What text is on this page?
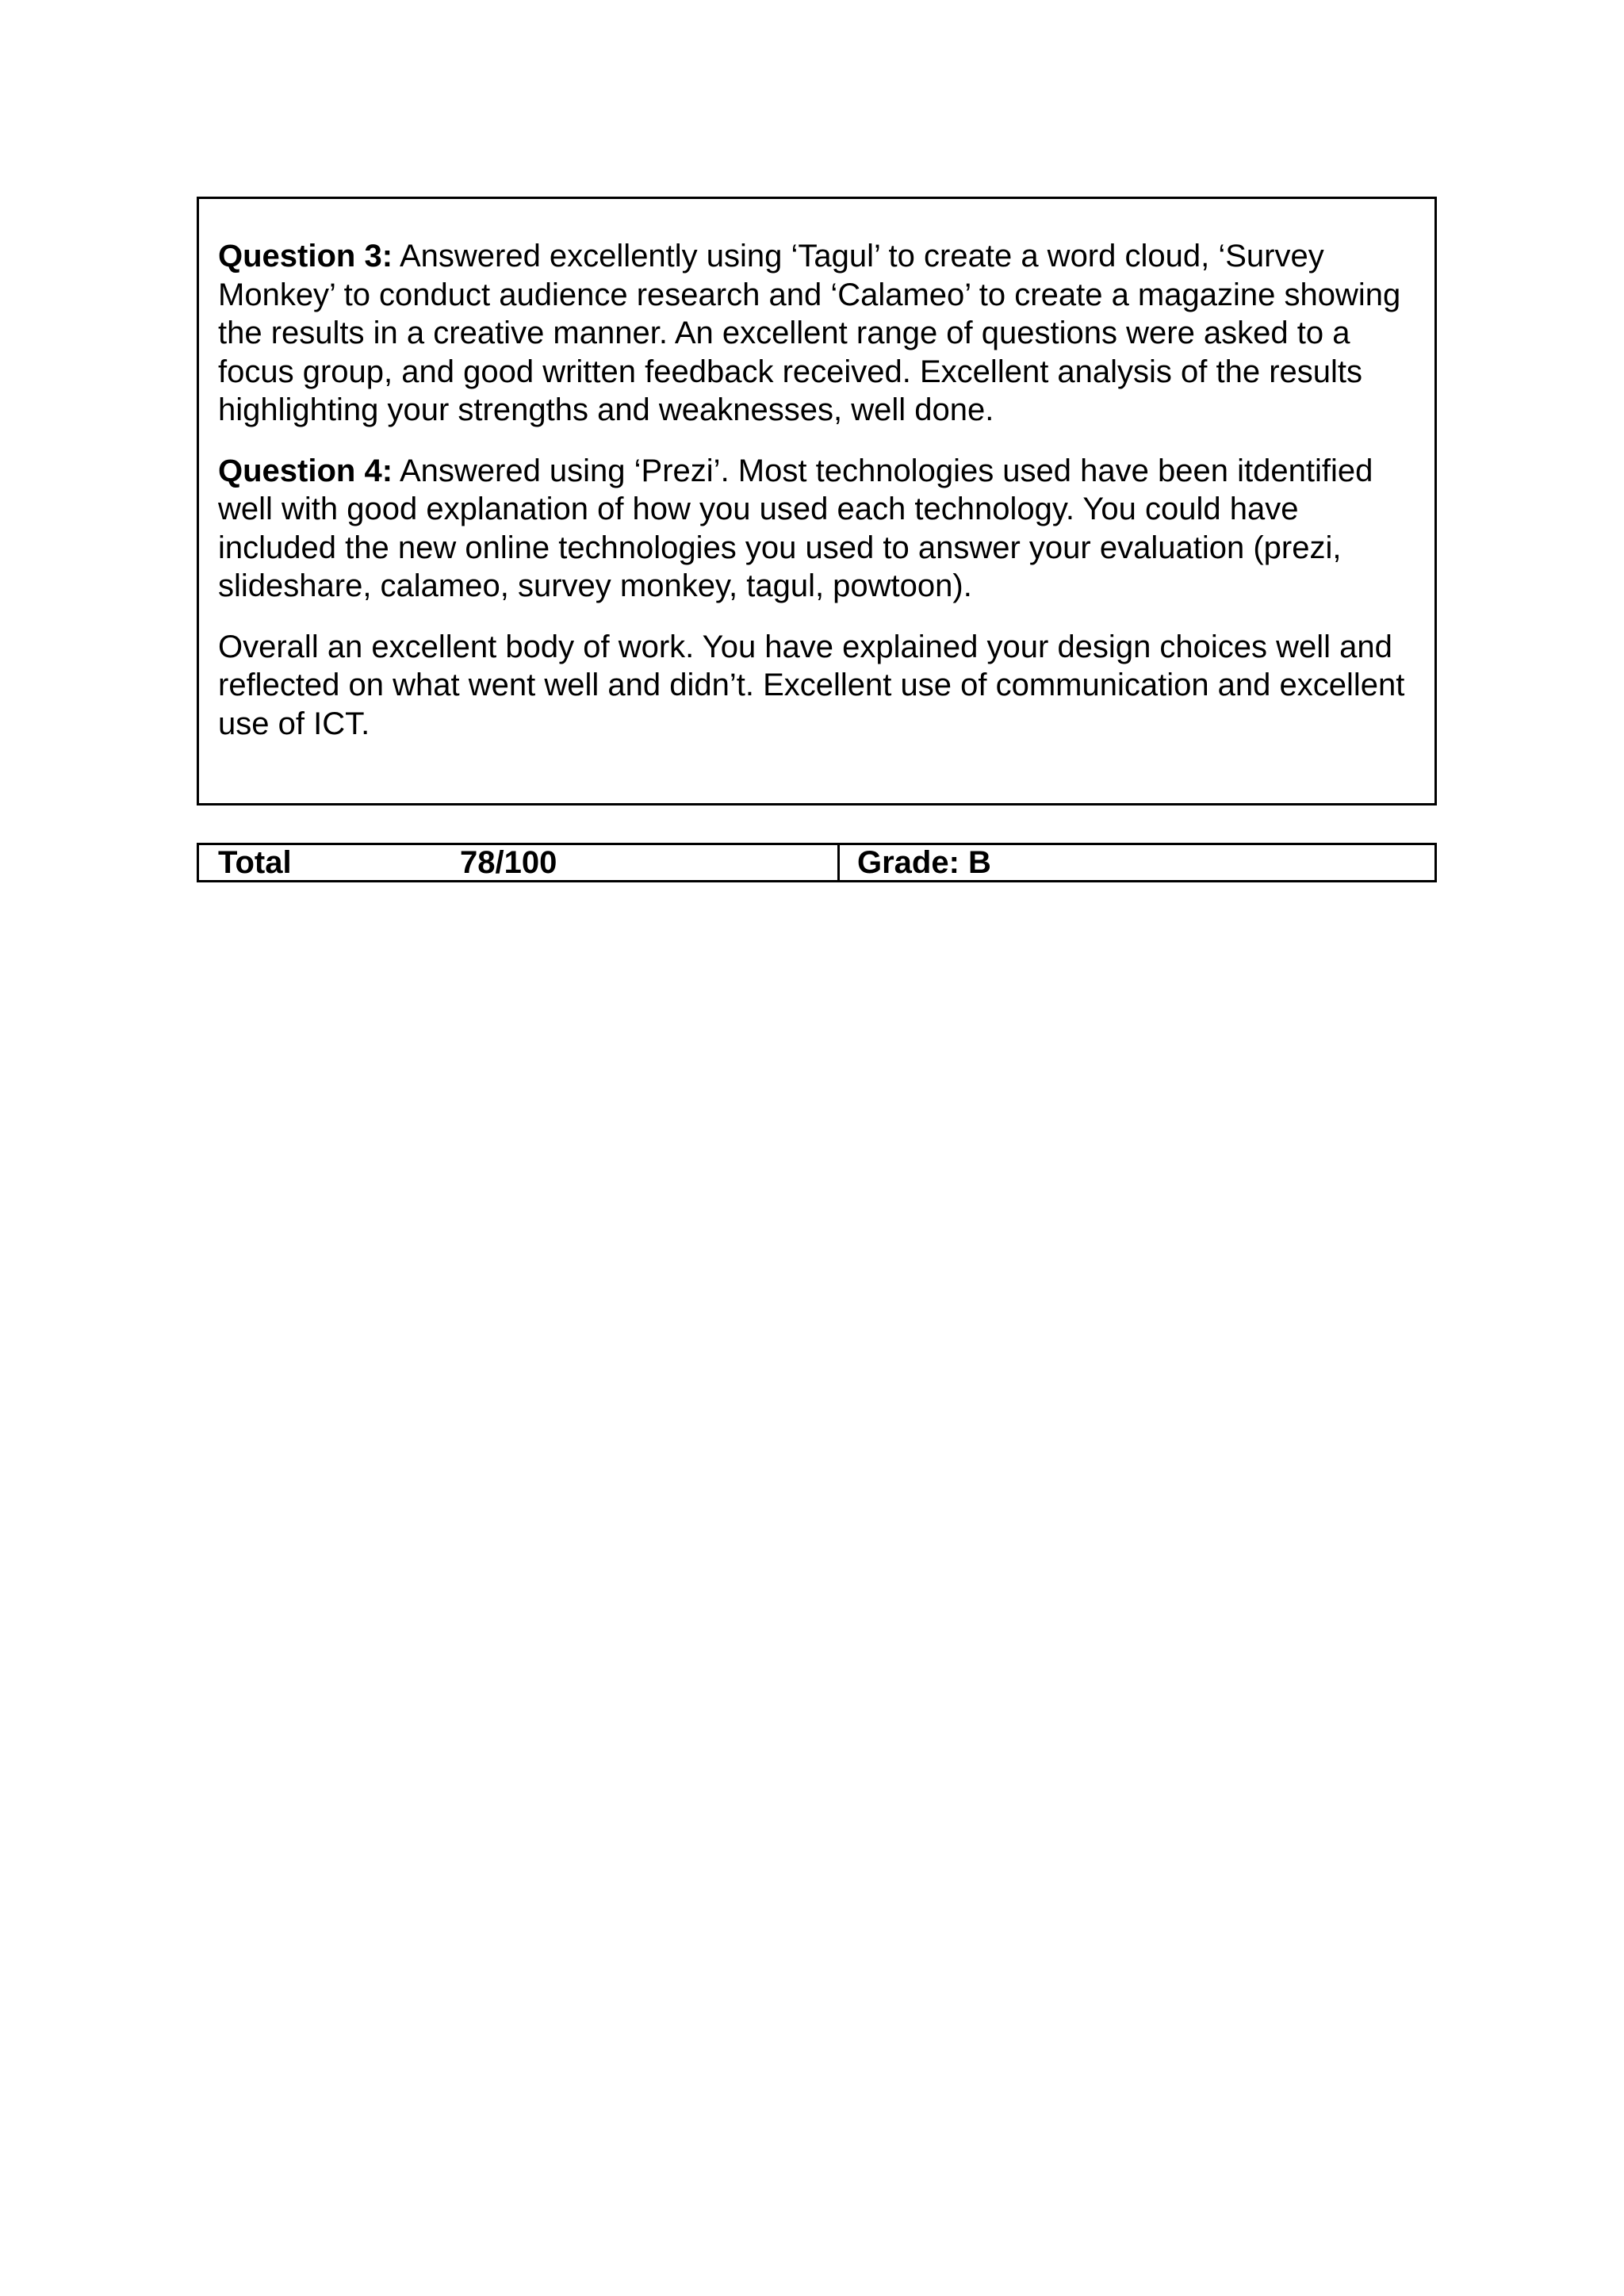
Question 3: Answered excellently using ‘Tagul’ to create a word cloud, ‘Survey Monkey’ to conduct audience research and ‘Calameo’ to create a magazine showing the results in a creative manner. An excellent range of questions were asked to a focus group, and good written feedback received. Excellent analysis of the results highlighting your strengths and weaknesses, well done.

Question 4: Answered using ‘Prezi’. Most technologies used have been itdentified well with good explanation of how you used each technology. You could have included the new online technologies you used to answer your evaluation (prezi, slideshare, calameo, survey monkey, tagul, powtoon).

Overall an excellent body of work. You have explained your design choices well and reflected on what went well and didn’t. Excellent use of communication and excellent use of ICT.

Total	78/100	Grade: B
